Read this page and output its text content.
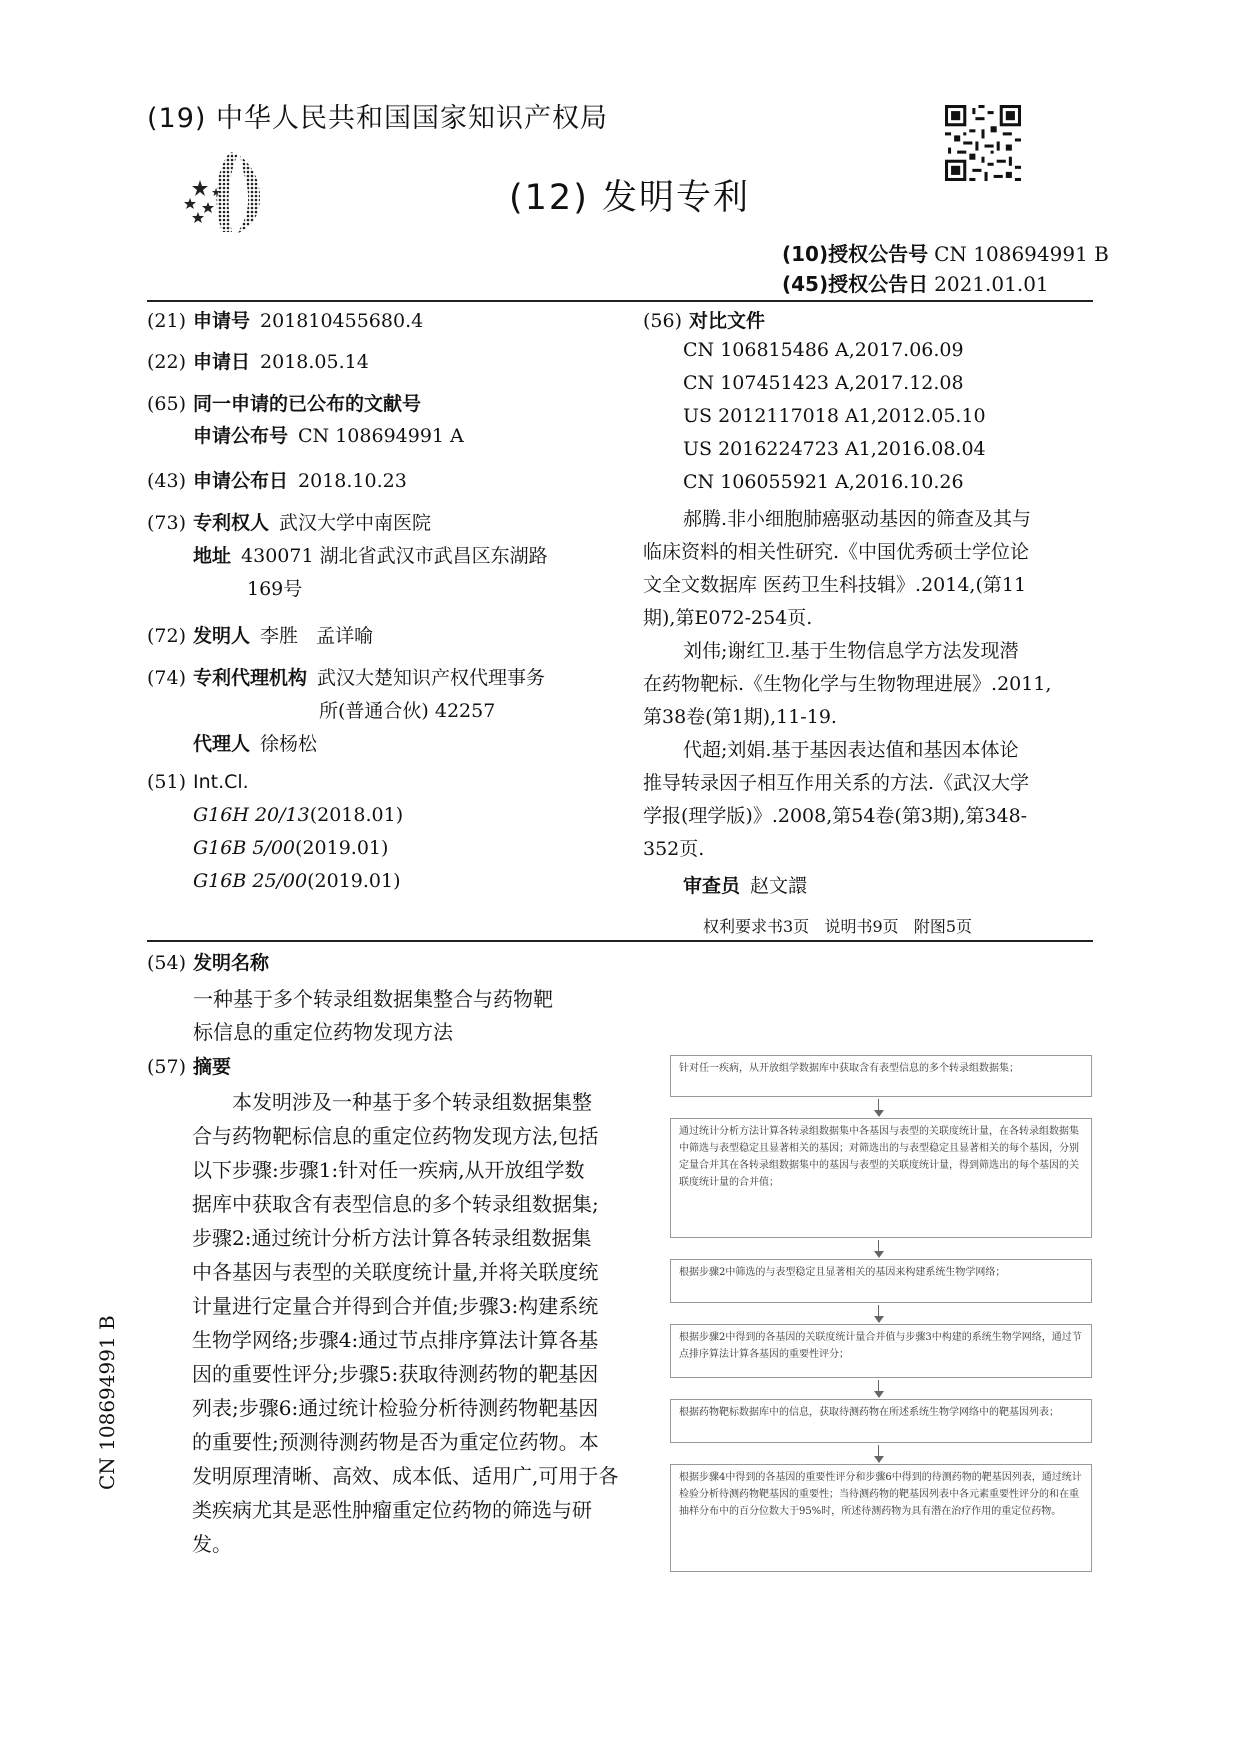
(19) 中华人民共和国国家知识产权局
(12) 发明专利
(10)授权公告号 CN 108694991 B
(45)授权公告日 2021.01.01
(21) 申请号 201810455680.4
(22) 申请日 2018.05.14
(65) 同一申请的已公布的文献号
申请公布号 CN 108694991 A
(43) 申请公布日 2018.10.23
(73) 专利权人 武汉大学中南医院
地址 430071 湖北省武汉市武昌区东湖路
169号
(72) 发明人 李胜   孟详喻
(74) 专利代理机构 武汉大楚知识产权代理事务
所(普通合伙) 42257
代理人 徐杨松
(51) Int.Cl.
G16H 20/13(2018.01)
G16B 5/00(2019.01)
G16B 25/00(2019.01)
(56) 对比文件
CN 106815486 A,2017.06.09
CN 107451423 A,2017.12.08
US 2012117018 A1,2012.05.10
US 2016224723 A1,2016.08.04
CN 106055921 A,2016.10.26
郝腾.非小细胞肺癌驱动基因的筛查及其与
临床资料的相关性研究.《中国优秀硕士学位论
文全文数据库 医药卫生科技辑》.2014,(第11
期),第E072-254页.
刘伟;谢红卫.基于生物信息学方法发现潜
在药物靶标.《生物化学与生物物理进展》.2011,
第38卷(第1期),11-19.
代超;刘娟.基于基因表达值和基因本体论
推导转录因子相互作用关系的方法.《武汉大学
学报(理学版)》.2008,第54卷(第3期),第348-
352页.
审查员 赵文譞
权利要求书3页   说明书9页   附图5页
(54) 发明名称
一种基于多个转录组数据集整合与药物靶
标信息的重定位药物发现方法
(57) 摘要
本发明涉及一种基于多个转录组数据集整
合与药物靶标信息的重定位药物发现方法,包括
以下步骤:步骤1:针对任一疾病,从开放组学数
据库中获取含有表型信息的多个转录组数据集;
步骤2:通过统计分析方法计算各转录组数据集
中各基因与表型的关联度统计量,并将关联度统
计量进行定量合并得到合并值;步骤3:构建系统
生物学网络;步骤4:通过节点排序算法计算各基
因的重要性评分;步骤5:获取待测药物的靶基因
列表;步骤6:通过统计检验分析待测药物靶基因
的重要性;预测待测药物是否为重定位药物。本
发明原理清晰、高效、成本低、适用广,可用于各
类疾病尤其是恶性肿瘤重定位药物的筛选与研
发。
针对任一疾病，从开放组学数据库中获取含有表型信息的多个转录组数据集；
通过统计分析方法计算各转录组数据集中各基因与表型的关联度统计量，在各转录组数据集中筛选与表型稳定且显著相关的基因；对筛选出的与表型稳定且显著相关的每个基因，分别定量合并其在各转录组数据集中的基因与表型的关联度统计量，得到筛选出的每个基因的关联度统计量的合并值；
根据步骤2中筛选的与表型稳定且显著相关的基因来构建系统生物学网络；
根据步骤2中得到的各基因的关联度统计量合并值与步骤3中构建的系统生物学网络，通过节点排序算法计算各基因的重要性评分；
根据药物靶标数据库中的信息，获取待测药物在所述系统生物学网络中的靶基因列表；
根据步骤4中得到的各基因的重要性评分和步骤6中得到的待测药物的靶基因列表，通过统计检验分析待测药物靶基因的重要性；当待测药物的靶基因列表中各元素重要性评分的和在重抽样分布中的百分位数大于95%时，所述待测药物为具有潜在治疗作用的重定位药物。
CN 108694991 B
